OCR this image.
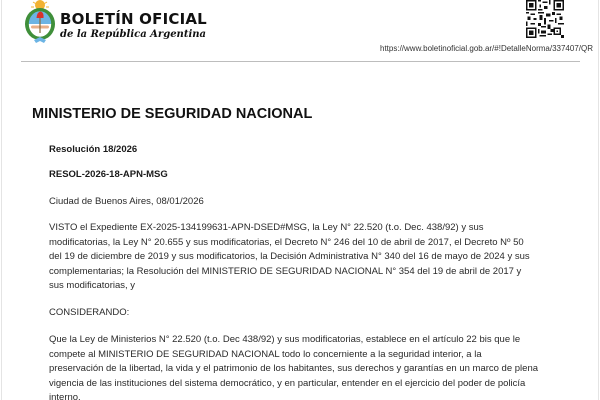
BOLETÍN OFICIAL
de la República Argentina
https://www.boletinoficial.gob.ar/#!DetalleNorma/337407/QR
MINISTERIO DE SEGURIDAD NACIONAL
Resolución 18/2026
RESOL-2026-18-APN-MSG
Ciudad de Buenos Aires, 08/01/2026
VISTO el Expediente EX-2025-134199631-APN-DSED#MSG, la Ley N° 22.520 (t.o. Dec. 438/92) y sus
modificatorias, la Ley N° 20.655 y sus modificatorias, el Decreto N° 246 del 10 de abril de 2017, el Decreto Nº 50
del 19 de diciembre de 2019 y sus modificatorios, la Decisión Administrativa N° 340 del 16 de mayo de 2024 y sus
complementarias; la Resolución del MINISTERIO DE SEGURIDAD NACIONAL N° 354 del 19 de abril de 2017 y
sus modificatorias, y
CONSIDERANDO:
Que la Ley de Ministerios N° 22.520 (t.o. Dec 438/92) y sus modificatorias, establece en el artículo 22 bis que le
compete al MINISTERIO DE SEGURIDAD NACIONAL todo lo concerniente a la seguridad interior, a la
preservación de la libertad, la vida y el patrimonio de los habitantes, sus derechos y garantías en un marco de plena
vigencia de las instituciones del sistema democrático, y en particular, entender en el ejercicio del poder de policía
interno.
